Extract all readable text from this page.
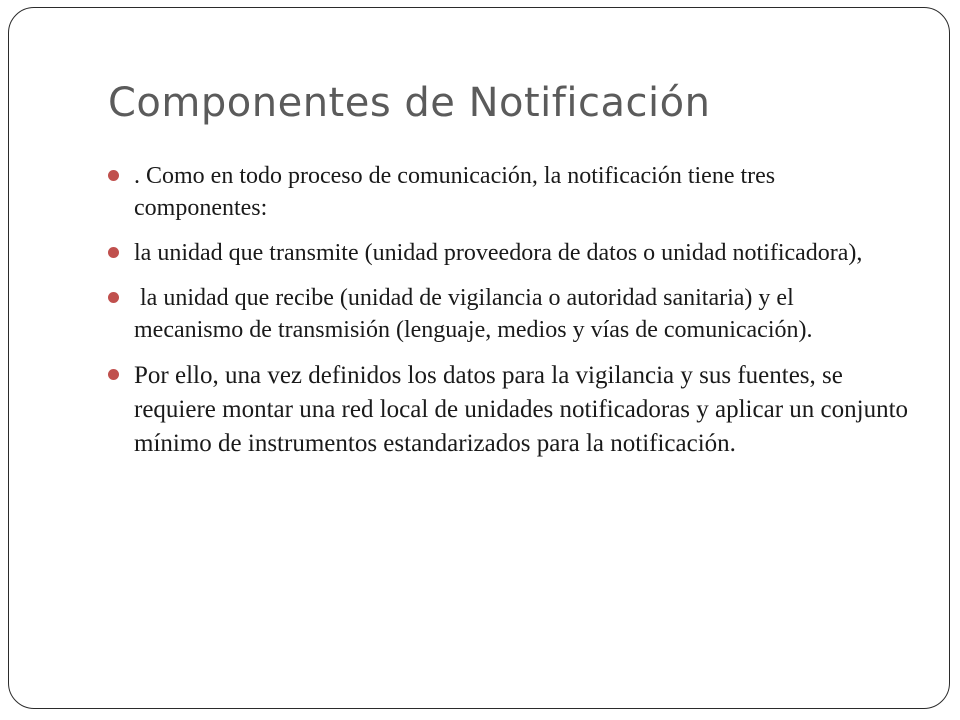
Componentes de Notificación
. Como en todo proceso de comunicación, la notificación tiene tres componentes:
la unidad que transmite (unidad proveedora de datos o unidad notificadora),
la unidad que recibe (unidad de vigilancia o autoridad sanitaria) y el mecanismo de transmisión (lenguaje, medios y vías de comunicación).
Por ello, una vez definidos los datos para la vigilancia y sus fuentes, se requiere montar una red local de unidades notificadoras y aplicar un conjunto mínimo de instrumentos estandarizados para la notificación.
